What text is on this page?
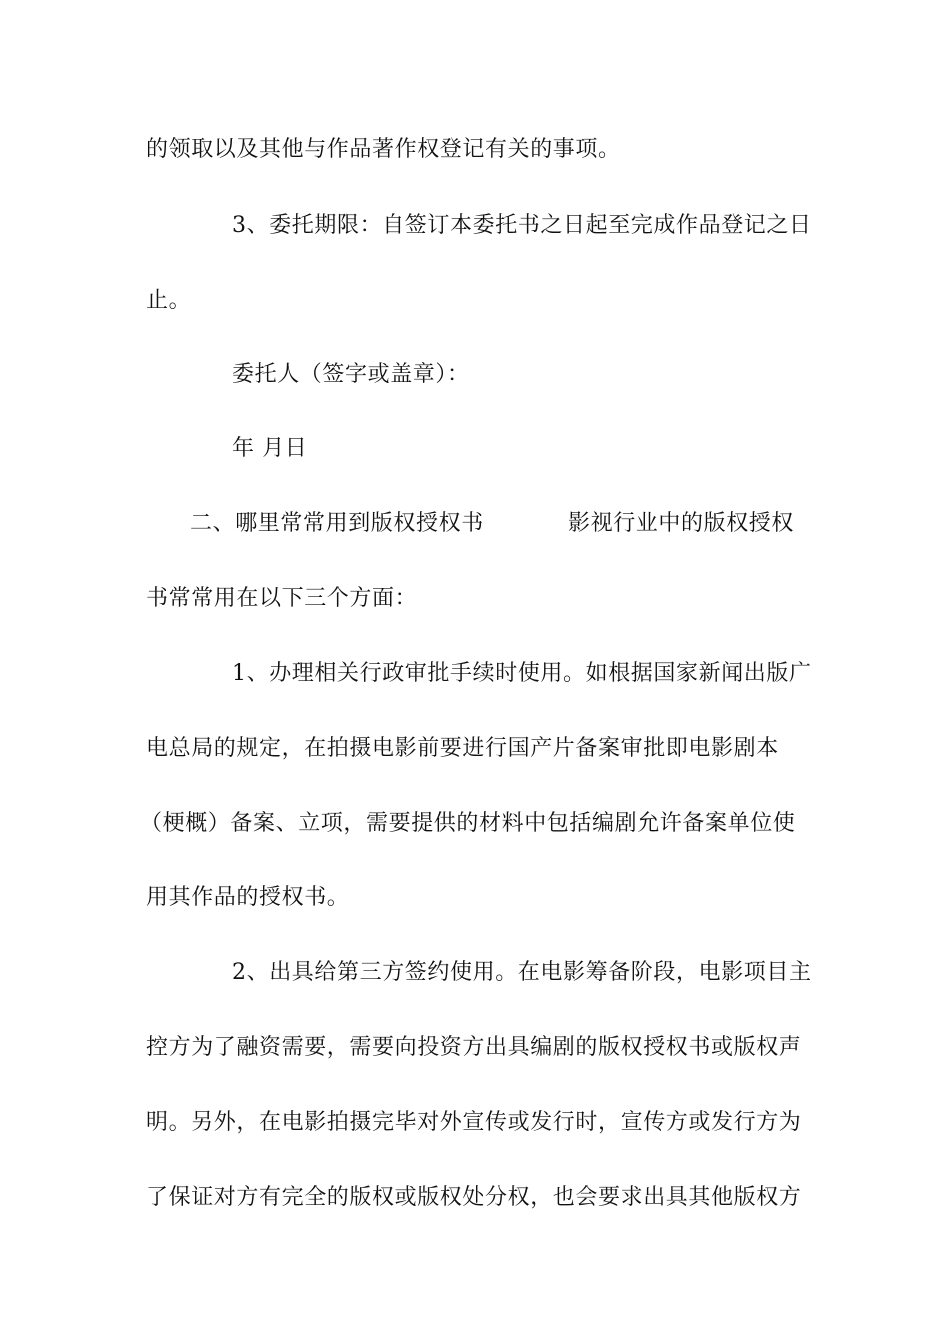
的领取以及其他与作品著作权登记有关的事项。
3、委托期限：自签订本委托书之日起至完成作品登记之日
止。
委托人（签字或盖章）：
年 月日
二、哪里常常用到版权授权书	影视行业中的版权授权
书常常用在以下三个方面：
1、办理相关行政审批手续时使用。如根据国家新闻出版广
电总局的规定，在拍摄电影前要进行国产片备案审批即电影剧本
（梗概）备案、立项，需要提供的材料中包括编剧允许备案单位使
用其作品的授权书。
2、出具给第三方签约使用。在电影筹备阶段，电影项目主
控方为了融资需要，需要向投资方出具编剧的版权授权书或版权声
明。另外，在电影拍摄完毕对外宣传或发行时，宣传方或发行方为
了保证对方有完全的版权或版权处分权，也会要求出具其他版权方
